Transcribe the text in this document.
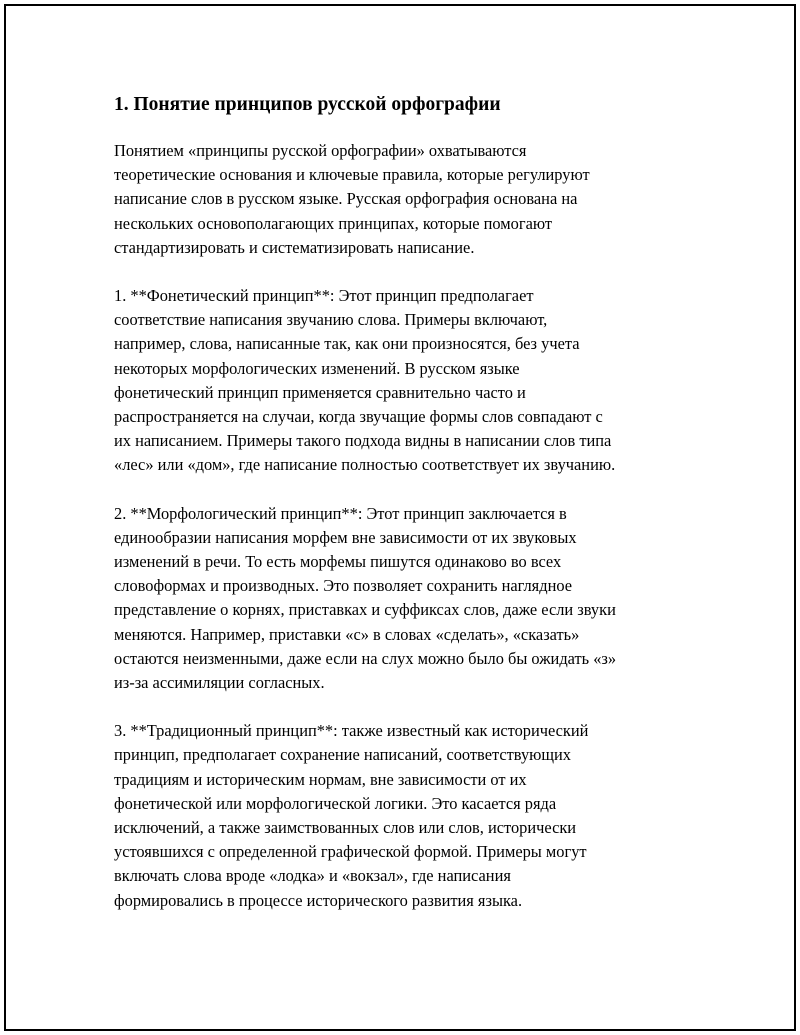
1. Понятие принципов русской орфографии

Понятием «принципы русской орфографии» охватываются
теоретические основания и ключевые правила, которые регулируют
написание слов в русском языке. Русская орфография основана на
нескольких основополагающих принципах, которые помогают
стандартизировать и систематизировать написание.

1. **Фонетический принцип**: Этот принцип предполагает
соответствие написания звучанию слова. Примеры включают,
например, слова, написанные так, как они произносятся, без учета
некоторых морфологических изменений. В русском языке
фонетический принцип применяется сравнительно часто и
распространяется на случаи, когда звучащие формы слов совпадают с
их написанием. Примеры такого подхода видны в написании слов типа
«лес» или «дом», где написание полностью соответствует их звучанию.

2. **Морфологический принцип**: Этот принцип заключается в
единообразии написания морфем вне зависимости от их звуковых
изменений в речи. То есть морфемы пишутся одинаково во всех
словоформах и производных. Это позволяет сохранить наглядное
представление о корнях, приставках и суффиксах слов, даже если звуки
меняются. Например, приставки «с» в словах «сделать», «сказать»
остаются неизменными, даже если на слух можно было бы ожидать «з»
из-за ассимиляции согласных.

3. **Традиционный принцип**: также известный как исторический
принцип, предполагает сохранение написаний, соответствующих
традициям и историческим нормам, вне зависимости от их
фонетической или морфологической логики. Это касается ряда
исключений, а также заимствованных слов или слов, исторически
устоявшихся с определенной графической формой. Примеры могут
включать слова вроде «лодка» и «вокзал», где написания
формировались в процессе исторического развития языка.
